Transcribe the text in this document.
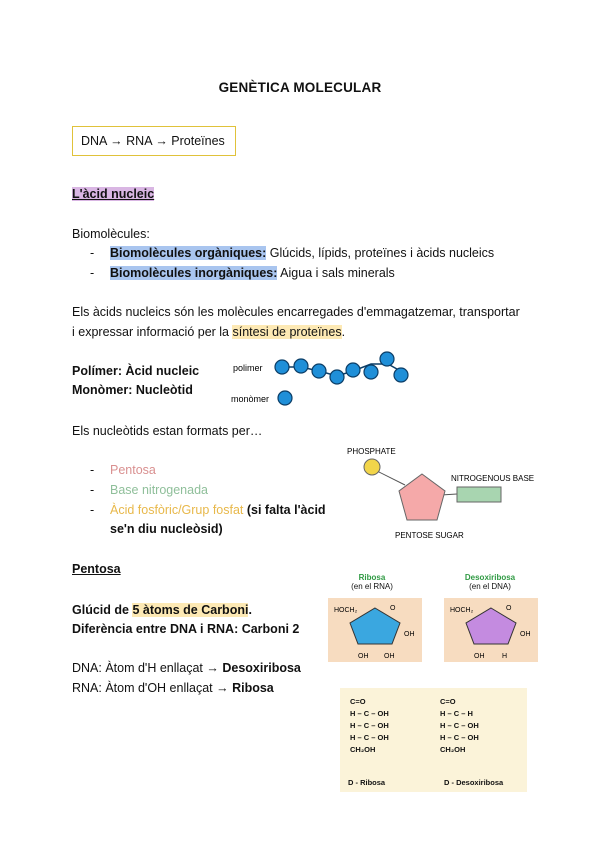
GENÈTICA MOLECULAR
DNA → RNA → Proteïnes
L'àcid nucleic
Biomolècules:
- Biomolècules orgàniques: Glúcids, lípids, proteïnes i àcids nucleics
- Biomolècules inorgàniques: Aigua i sals minerals
Els àcids nucleics són les molècules encarregades d'emmagatzemar, transportar
i expressar informació per la síntesi de proteïnes.
Polímer: Àcid nucleic
Monòmer: Nucleòtid
polimer
monòmer
Els nucleòtids estan formats per…
- Pentosa
- Base nitrogenada
- Àcid fosfòric/Grup fosfat (si falta l'àcid
se'n diu nucleòsid)
PHOSPHATE
NITROGENOUS BASE
PENTOSE SUGAR
Pentosa
Glúcid de 5 àtoms de Carboni.
Diferència entre DNA i RNA: Carboni 2
DNA: Àtom d'H enllaçat → Desoxiribosa
RNA: Àtom d'OH enllaçat → Ribosa
Ribosa
(en el RNA)
Desoxiribosa
(en el DNA)
HOCH₂	O
OH OH
OH
HOCH₂	O
OH	H
OH
C=O
H – C – OH
H – C – OH
H – C – OH
CH₂OH
C=O
H – C – H
H – C – OH
H – C – OH
CH₂OH
D - Ribosa	D - Desoxiribosa
